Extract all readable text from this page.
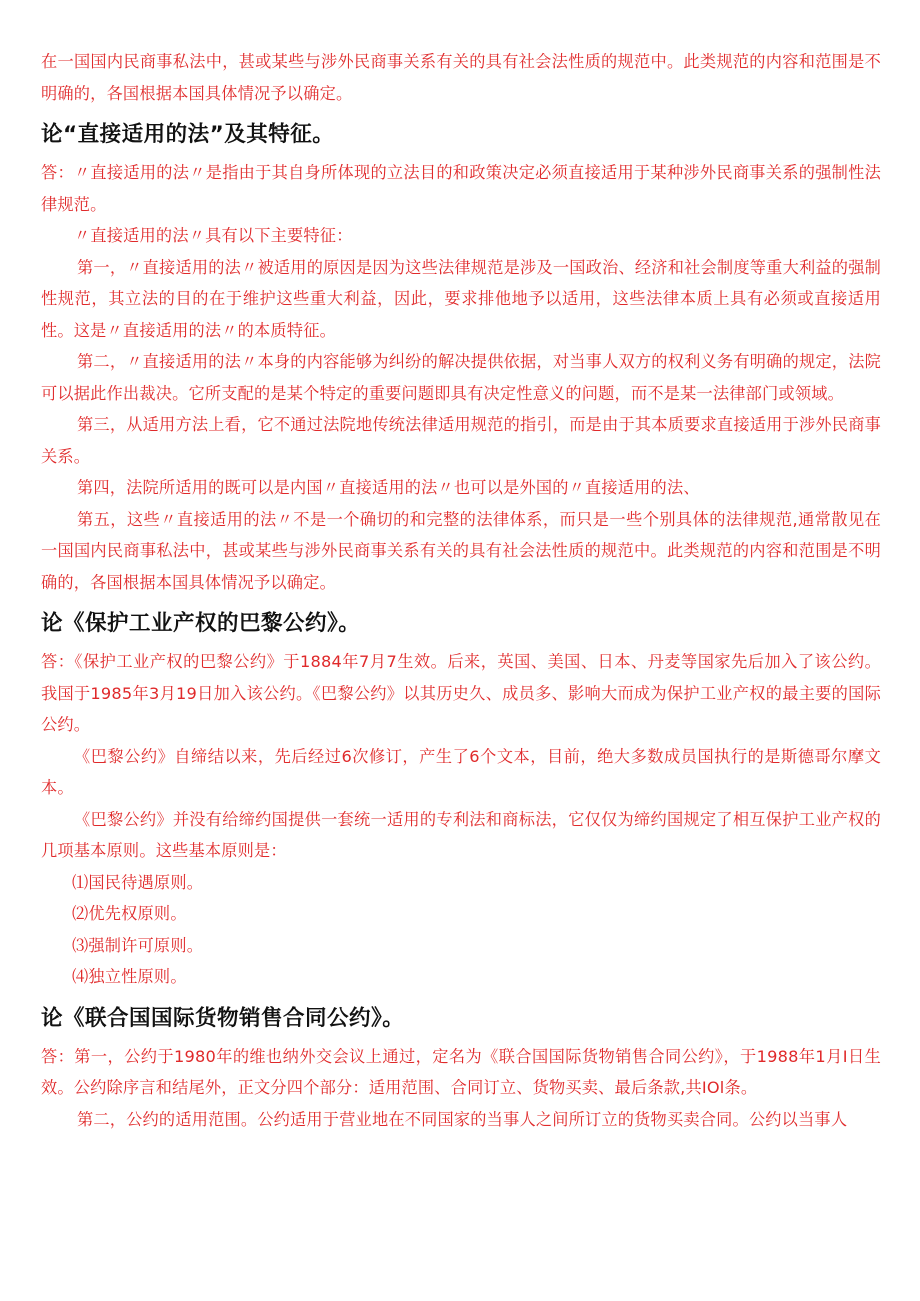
在一国国内民商事私法中，甚或某些与涉外民商事关系有关的具有社会法性质的规范中。此类规范的内容和范围是不明确的，各国根据本国具体情况予以确定。

论“直接适用的法”及其特征。

答：〃直接适用的法〃是指由于其自身所体现的立法目的和政策决定必须直接适用于某种涉外民商事关系的强制性法律规范。

〃直接适用的法〃具有以下主要特征：

第一，〃直接适用的法〃被适用的原因是因为这些法律规范是涉及一国政治、经济和社会制度等重大利益的强制性规范，其立法的目的在于维护这些重大利益，因此，要求排他地予以适用，这些法律本质上具有必须或直接适用性。这是〃直接适用的法〃的本质特征。

第二，〃直接适用的法〃本身的内容能够为纠纷的解决提供依据，对当事人双方的权利义务有明确的规定，法院可以据此作出裁决。它所支配的是某个特定的重要问题即具有决定性意义的问题，而不是某一法律部门或领域。

第三，从适用方法上看，它不通过法院地传统法律适用规范的指引，而是由于其本质要求直接适用于涉外民商事关系。

第四，法院所适用的既可以是内国〃直接适用的法〃也可以是外国的〃直接适用的法、

第五，这些〃直接适用的法〃不是一个确切的和完整的法律体系，而只是一些个别具体的法律规范,通常散见在一国国内民商事私法中，甚或某些与涉外民商事关系有关的具有社会法性质的规范中。此类规范的内容和范围是不明确的，各国根据本国具体情况予以确定。

论《保护工业产权的巴黎公约》。

答：《保护工业产权的巴黎公约》于1884年7月7生效。后来，英国、美国、日本、丹麦等国家先后加入了该公约。我国于1985年3月19日加入该公约。《巴黎公约》以其历史久、成员多、影响大而成为保护工业产权的最主要的国际公约。

《巴黎公约》自缔结以来，先后经过6次修订，产生了6个文本，目前，绝大多数成员国执行的是斯德哥尔摩文本。

《巴黎公约》并没有给缔约国提供一套统一适用的专利法和商标法，它仅仅为缔约国规定了相互保护工业产权的几项基本原则。这些基本原则是：

⑴国民待遇原则。

⑵优先权原则。

⑶强制许可原则。

⑷独立性原则。

论《联合国国际货物销售合同公约》。

答：第一，公约于1980年的维也纳外交会议上通过，定名为《联合国国际货物销售合同公约》，于1988年1月I日生效。公约除序言和结尾外，正文分四个部分：适用范围、合同订立、货物买卖、最后条款,共IOl条。

第二，公约的适用范围。公约适用于营业地在不同国家的当事人之间所订立的货物买卖合同。公约以当事人
